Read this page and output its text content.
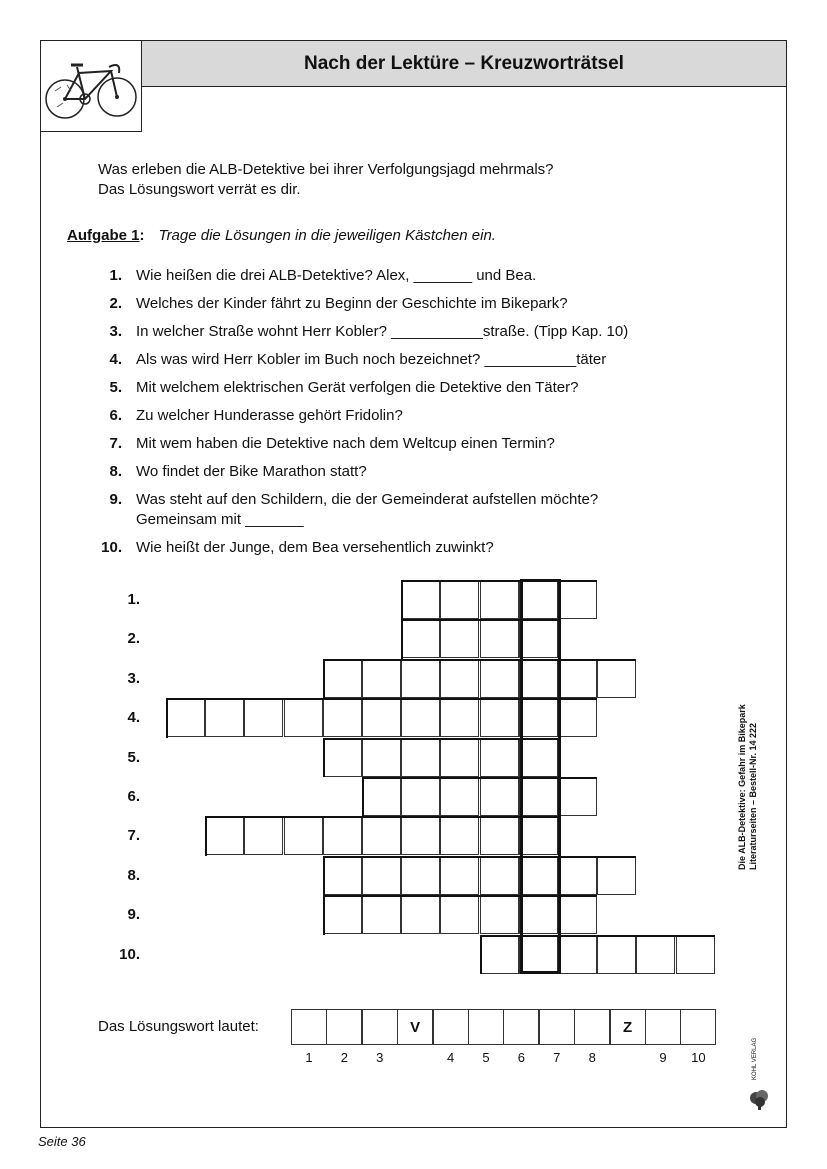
Nach der Lektüre – Kreuzworträtsel
Was erleben die ALB-Detektive bei ihrer Verfolgungsjagd mehrmals?
Das Lösungswort verrät es dir.
Aufgabe 1: Trage die Lösungen in die jeweiligen Kästchen ein.
1. Wie heißen die drei ALB-Detektive? Alex, _______ und Bea.
2. Welches der Kinder fährt zu Beginn der Geschichte im Bikepark?
3. In welcher Straße wohnt Herr Kobler? ___________straße. (Tipp Kap. 10)
4. Als was wird Herr Kobler im Buch noch bezeichnet? ___________täter
5. Mit welchem elektrischen Gerät verfolgen die Detektive den Täter?
6. Zu welcher Hunderasse gehört Fridolin?
7. Mit wem haben die Detektive nach dem Weltcup einen Termin?
8. Wo findet der Bike Marathon statt?
9. Was steht auf den Schildern, die der Gemeinderat aufstellen möchte?
Gemeinsam mit _______
10. Wie heißt der Junge, dem Bea versehentlich zuwinkt?
1.
2.
3.
4.
5.
6.
7.
8.
9.
10.
Das Lösungswort lautet:
1	2	3
V
4	5	6	7	8
Z
9	10
Die ALB-Detektive: Gefahr im Bikepark Literaturseiten – Bestell-Nr. 14 222
KOHL VERLAG
Seite 36
